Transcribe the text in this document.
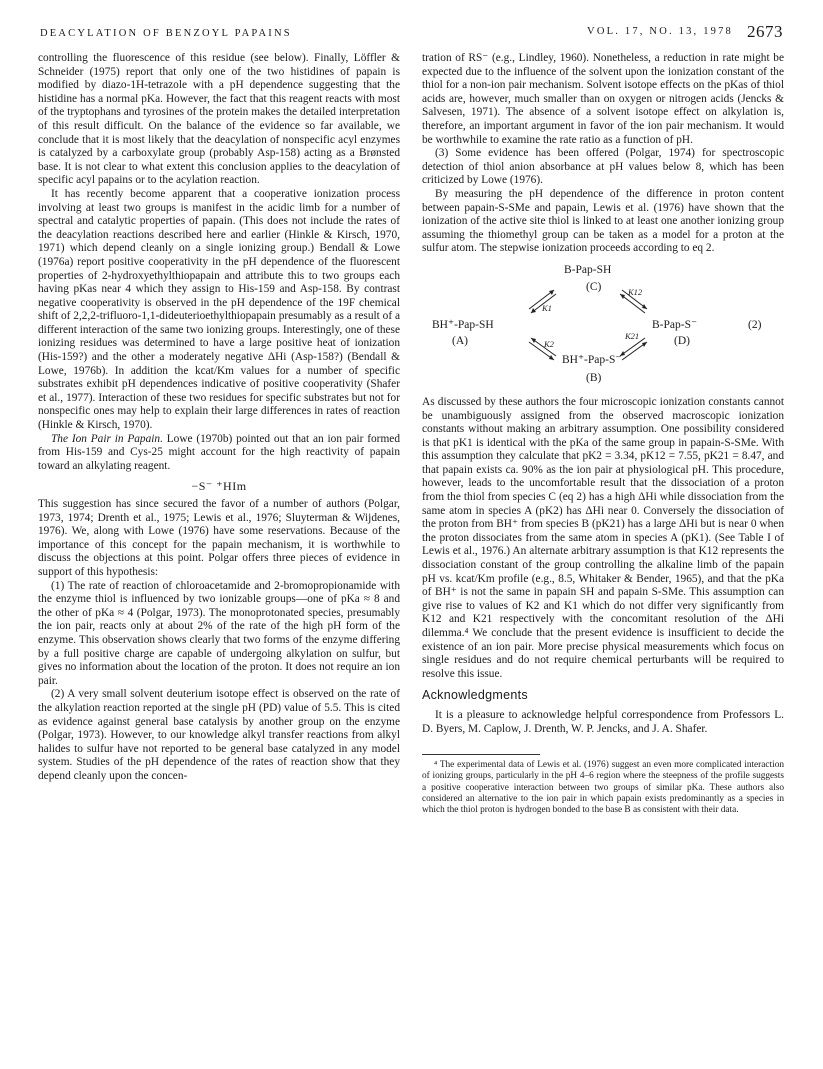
DEACYLATION OF BENZOYL PAPAINS	VOL. 17, NO. 13, 1978 2673

controlling the fluorescence of this residue (see below). Finally, Löffler & Schneider (1975) report that only one of the two histidines of papain is modified by diazo-1H-tetrazole with a pH dependence suggesting that the histidine has a normal pKa. However, the fact that this reagent reacts with most of the tryptophans and tyrosines of the protein makes the detailed interpretation of this result difficult. On the balance of the evidence so far available, we conclude that it is most likely that the deacylation of nonspecific acyl enzymes is catalyzed by a carboxylate group (probably Asp-158) acting as a Brønsted base. It is not clear to what extent this conclusion applies to the deacylation of specific acyl papains or to the acylation reaction.

It has recently become apparent that a cooperative ionization process involving at least two groups is manifest in the acidic limb for a number of spectral and catalytic properties of papain. (This does not include the rates of the deacylation reactions described here and earlier (Hinkle & Kirsch, 1970, 1971) which depend cleanly on a single ionizing group.) Bendall & Lowe (1976a) report positive cooperativity in the pH dependence of the fluorescent properties of 2-hydroxyethylthiopapain and attribute this to two groups each having pKas near 4 which they assign to His-159 and Asp-158. By contrast negative cooperativity is observed in the pH dependence of the 19F chemical shift of 2,2,2-trifluoro-1,1-dideuterioethylthiopapain presumably as a result of a different interaction of the same two ionizing groups. Interestingly, one of these ionizing residues was determined to have a large positive heat of ionization (His-159?) and the other a moderately negative ΔHi (Asp-158?) (Bendall & Lowe, 1976b). In addition the kcat/Km values for a number of specific substrates exhibit pH dependences indicative of positive cooperativity (Shafer et al., 1977). Interaction of these two residues for specific substrates but not for nonspecific ones may help to explain their large differences in rates of reaction (Hinkle & Kirsch, 1970).

The Ion Pair in Papain. Lowe (1970b) pointed out that an ion pair formed from His-159 and Cys-25 might account for the high reactivity of papain toward an alkylating reagent.

−S⁻ ⁺HIm

This suggestion has since secured the favor of a number of authors (Polgar, 1973, 1974; Drenth et al., 1975; Lewis et al., 1976; Sluyterman & Wijdenes, 1976). We, along with Lowe (1976) have some reservations. Because of the importance of this concept for the papain mechanism, it is worthwhile to discuss the objections at this point. Polgar offers three pieces of evidence in support of this hypothesis:

(1) The rate of reaction of chloroacetamide and 2-bromopropionamide with the enzyme thiol is influenced by two ionizable groups—one of pKa ≈ 8 and the other of pKa ≈ 4 (Polgar, 1973). The monoprotonated species, presumably the ion pair, reacts only at about 2% of the rate of the high pH form of the enzyme. This observation shows clearly that two forms of the enzyme differing by a full positive charge are capable of undergoing alkylation on sulfur, but gives no information about the location of the proton. It does not require an ion pair.

(2) A very small solvent deuterium isotope effect is observed on the rate of the alkylation reaction reported at the single pH (PD) value of 5.5. This is cited as evidence against general base catalysis by another group on the enzyme (Polgar, 1973). However, to our knowledge alkyl transfer reactions from alkyl halides to sulfur have not reported to be general base catalyzed in any model system. Studies of the pH dependence of the rates of reaction show that they depend cleanly upon the concen-

tration of RS⁻ (e.g., Lindley, 1960). Nonetheless, a reduction in rate might be expected due to the influence of the solvent upon the ionization constant of the thiol for a non-ion pair mechanism. Solvent isotope effects on the pKas of thiol acids are, however, much smaller than on oxygen or nitrogen acids (Jencks & Salvesen, 1971). The absence of a solvent isotope effect on alkylation is, therefore, an important argument in favor of the ion pair mechanism. It would be worthwhile to examine the rate ratio as a function of pH.

(3) Some evidence has been offered (Polgar, 1974) for spectroscopic detection of thiol anion absorbance at pH values below 8, which has been criticized by Lowe (1976).

By measuring the pH dependence of the difference in proton content between papain-S-SMe and papain, Lewis et al. (1976) have shown that the ionization of the active site thiol is linked to at least one another ionizing group assuming the thiomethyl group can be taken as a model for a proton at the sulfur atom. The stepwise ionization proceeds according to eq 2.

B-Pap-SH
(C)
K1
K12
BH⁺-Pap-SH
(A)
B-Pap-S⁻	(2)
(D)
K2
K21
BH⁺-Pap-S⁻
(B)

As discussed by these authors the four microscopic ionization constants cannot be unambiguously assigned from the observed macroscopic ionization constants without making an arbitrary assumption. One possibility considered is that pK1 is identical with the pKa of the same group in papain-S-SMe. With this assumption they calculate that pK2 = 3.34, pK12 = 7.55, pK21 = 8.47, and that papain exists ca. 90% as the ion pair at physiological pH. This procedure, however, leads to the uncomfortable result that the dissociation of a proton from the thiol from species C (eq 2) has a high ΔHi while dissociation from the same atom in species A (pK2) has ΔHi near 0. Conversely the dissociation of the proton from BH⁺ from species B (pK21) has a large ΔHi but is near 0 when the proton dissociates from the same atom in species A (pK1). (See Table I of Lewis et al., 1976.) An alternate arbitrary assumption is that K12 represents the dissociation constant of the group controlling the alkaline limb of the papain pH vs. kcat/Km profile (e.g., 8.5, Whitaker & Bender, 1965), and that the pKa of BH⁺ is not the same in papain SH and papain S-SMe. This assumption can give rise to values of K2 and K1 which do not differ very significantly from K12 and K21 respectively with the concomitant resolution of the ΔHi dilemma.⁴ We conclude that the present evidence is insufficient to decide the existence of an ion pair. More precise physical measurements which focus on single residues and do not require chemical perturbants will be required to resolve this issue.

Acknowledgments

It is a pleasure to acknowledge helpful correspondence from Professors L. D. Byers, M. Caplow, J. Drenth, W. P. Jencks, and J. A. Shafer.

⁴ The experimental data of Lewis et al. (1976) suggest an even more complicated interaction of ionizing groups, particularly in the pH 4–6 region where the steepness of the profile suggests a positive cooperative interaction between two groups of similar pKa. These authors also considered an alternative to the ion pair in which papain exists predominantly as a species in which the thiol proton is hydrogen bonded to the base B as consistent with their data.
